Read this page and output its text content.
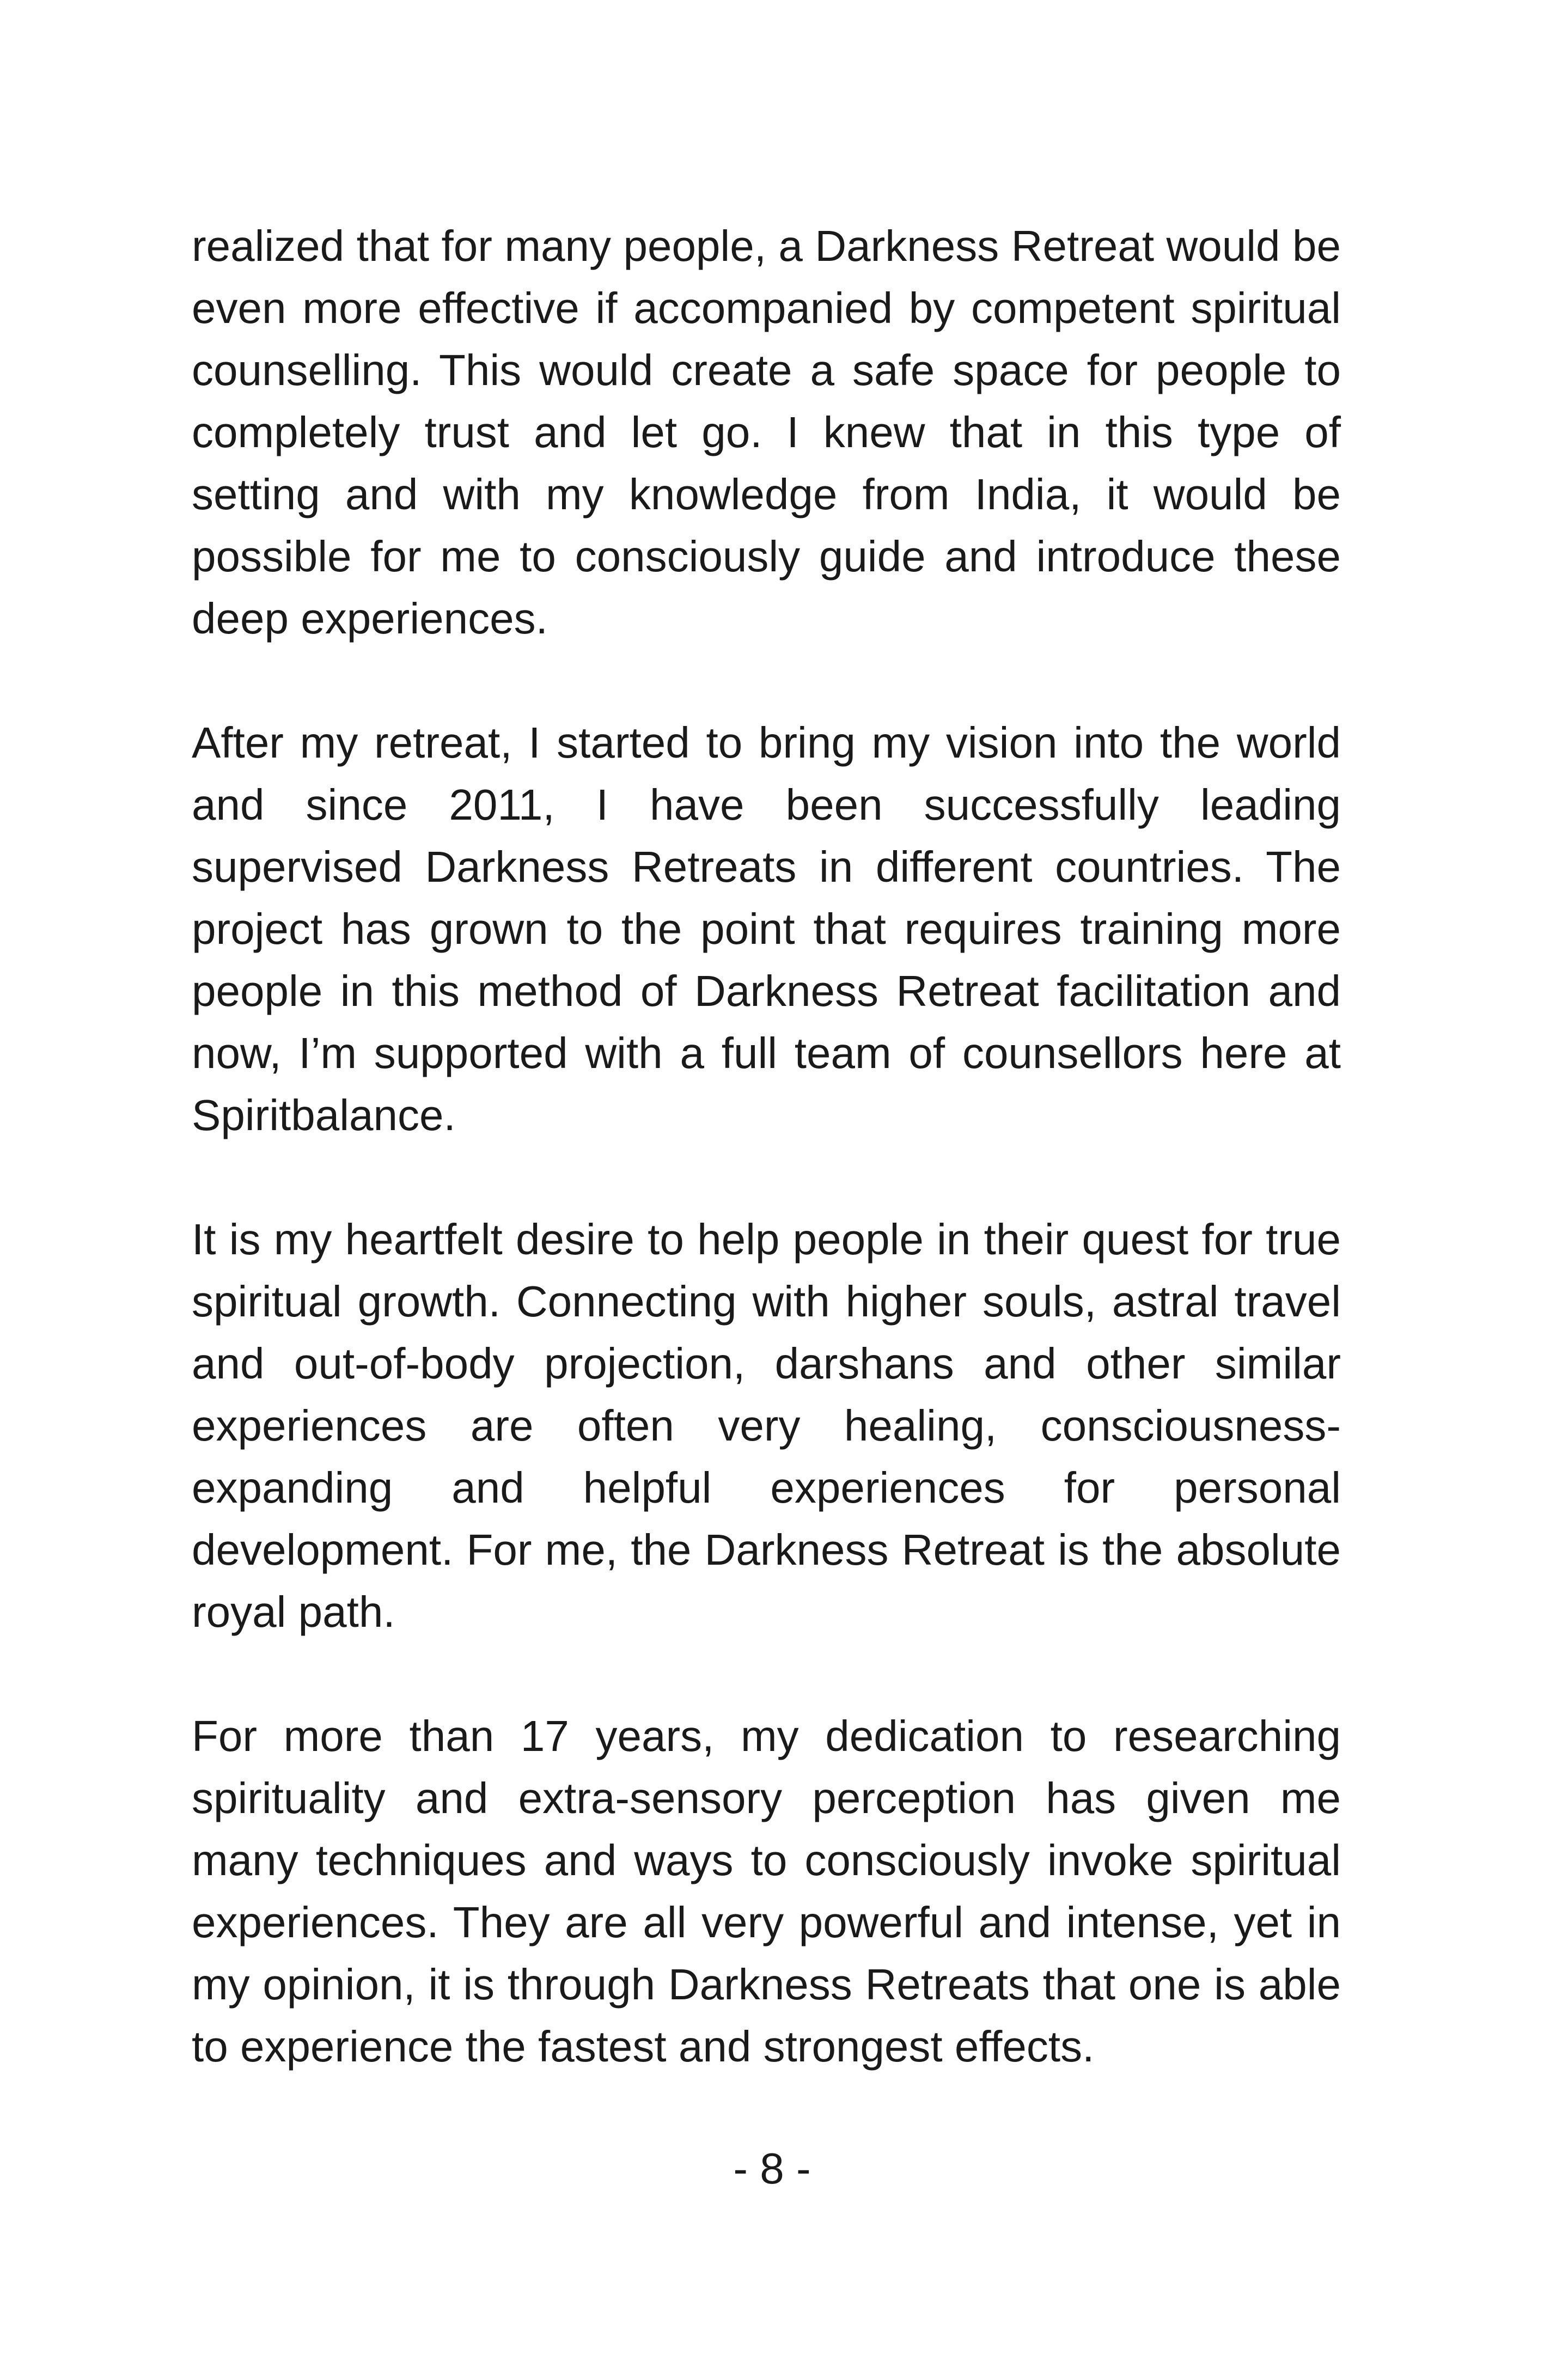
realized that for many people, a Darkness Retreat would be even more effective if accompanied by competent spiritual counselling. This would create a safe space for people to completely trust and let go. I knew that in this type of setting and with my knowledge from India, it would be possible for me to consciously guide and introduce these deep experiences.

After my retreat, I started to bring my vision into the world and since 2011, I have been successfully leading supervised Darkness Retreats in different countries. The project has grown to the point that requires training more people in this method of Darkness Retreat facilitation and now, I’m supported with a full team of counsellors here at Spiritbalance.

It is my heartfelt desire to help people in their quest for true spiritual growth. Connecting with higher souls, astral travel and out-of-body projection, darshans and other similar experiences are often very healing, consciousness-expanding and helpful experiences for personal development. For me, the Darkness Retreat is the absolute royal path.

For more than 17 years, my dedication to researching spirituality and extra-sensory perception has given me many techniques and ways to consciously invoke spiritual experiences. They are all very powerful and intense, yet in my opinion, it is through Darkness Retreats that one is able to experience the fastest and strongest effects.

- 8 -
